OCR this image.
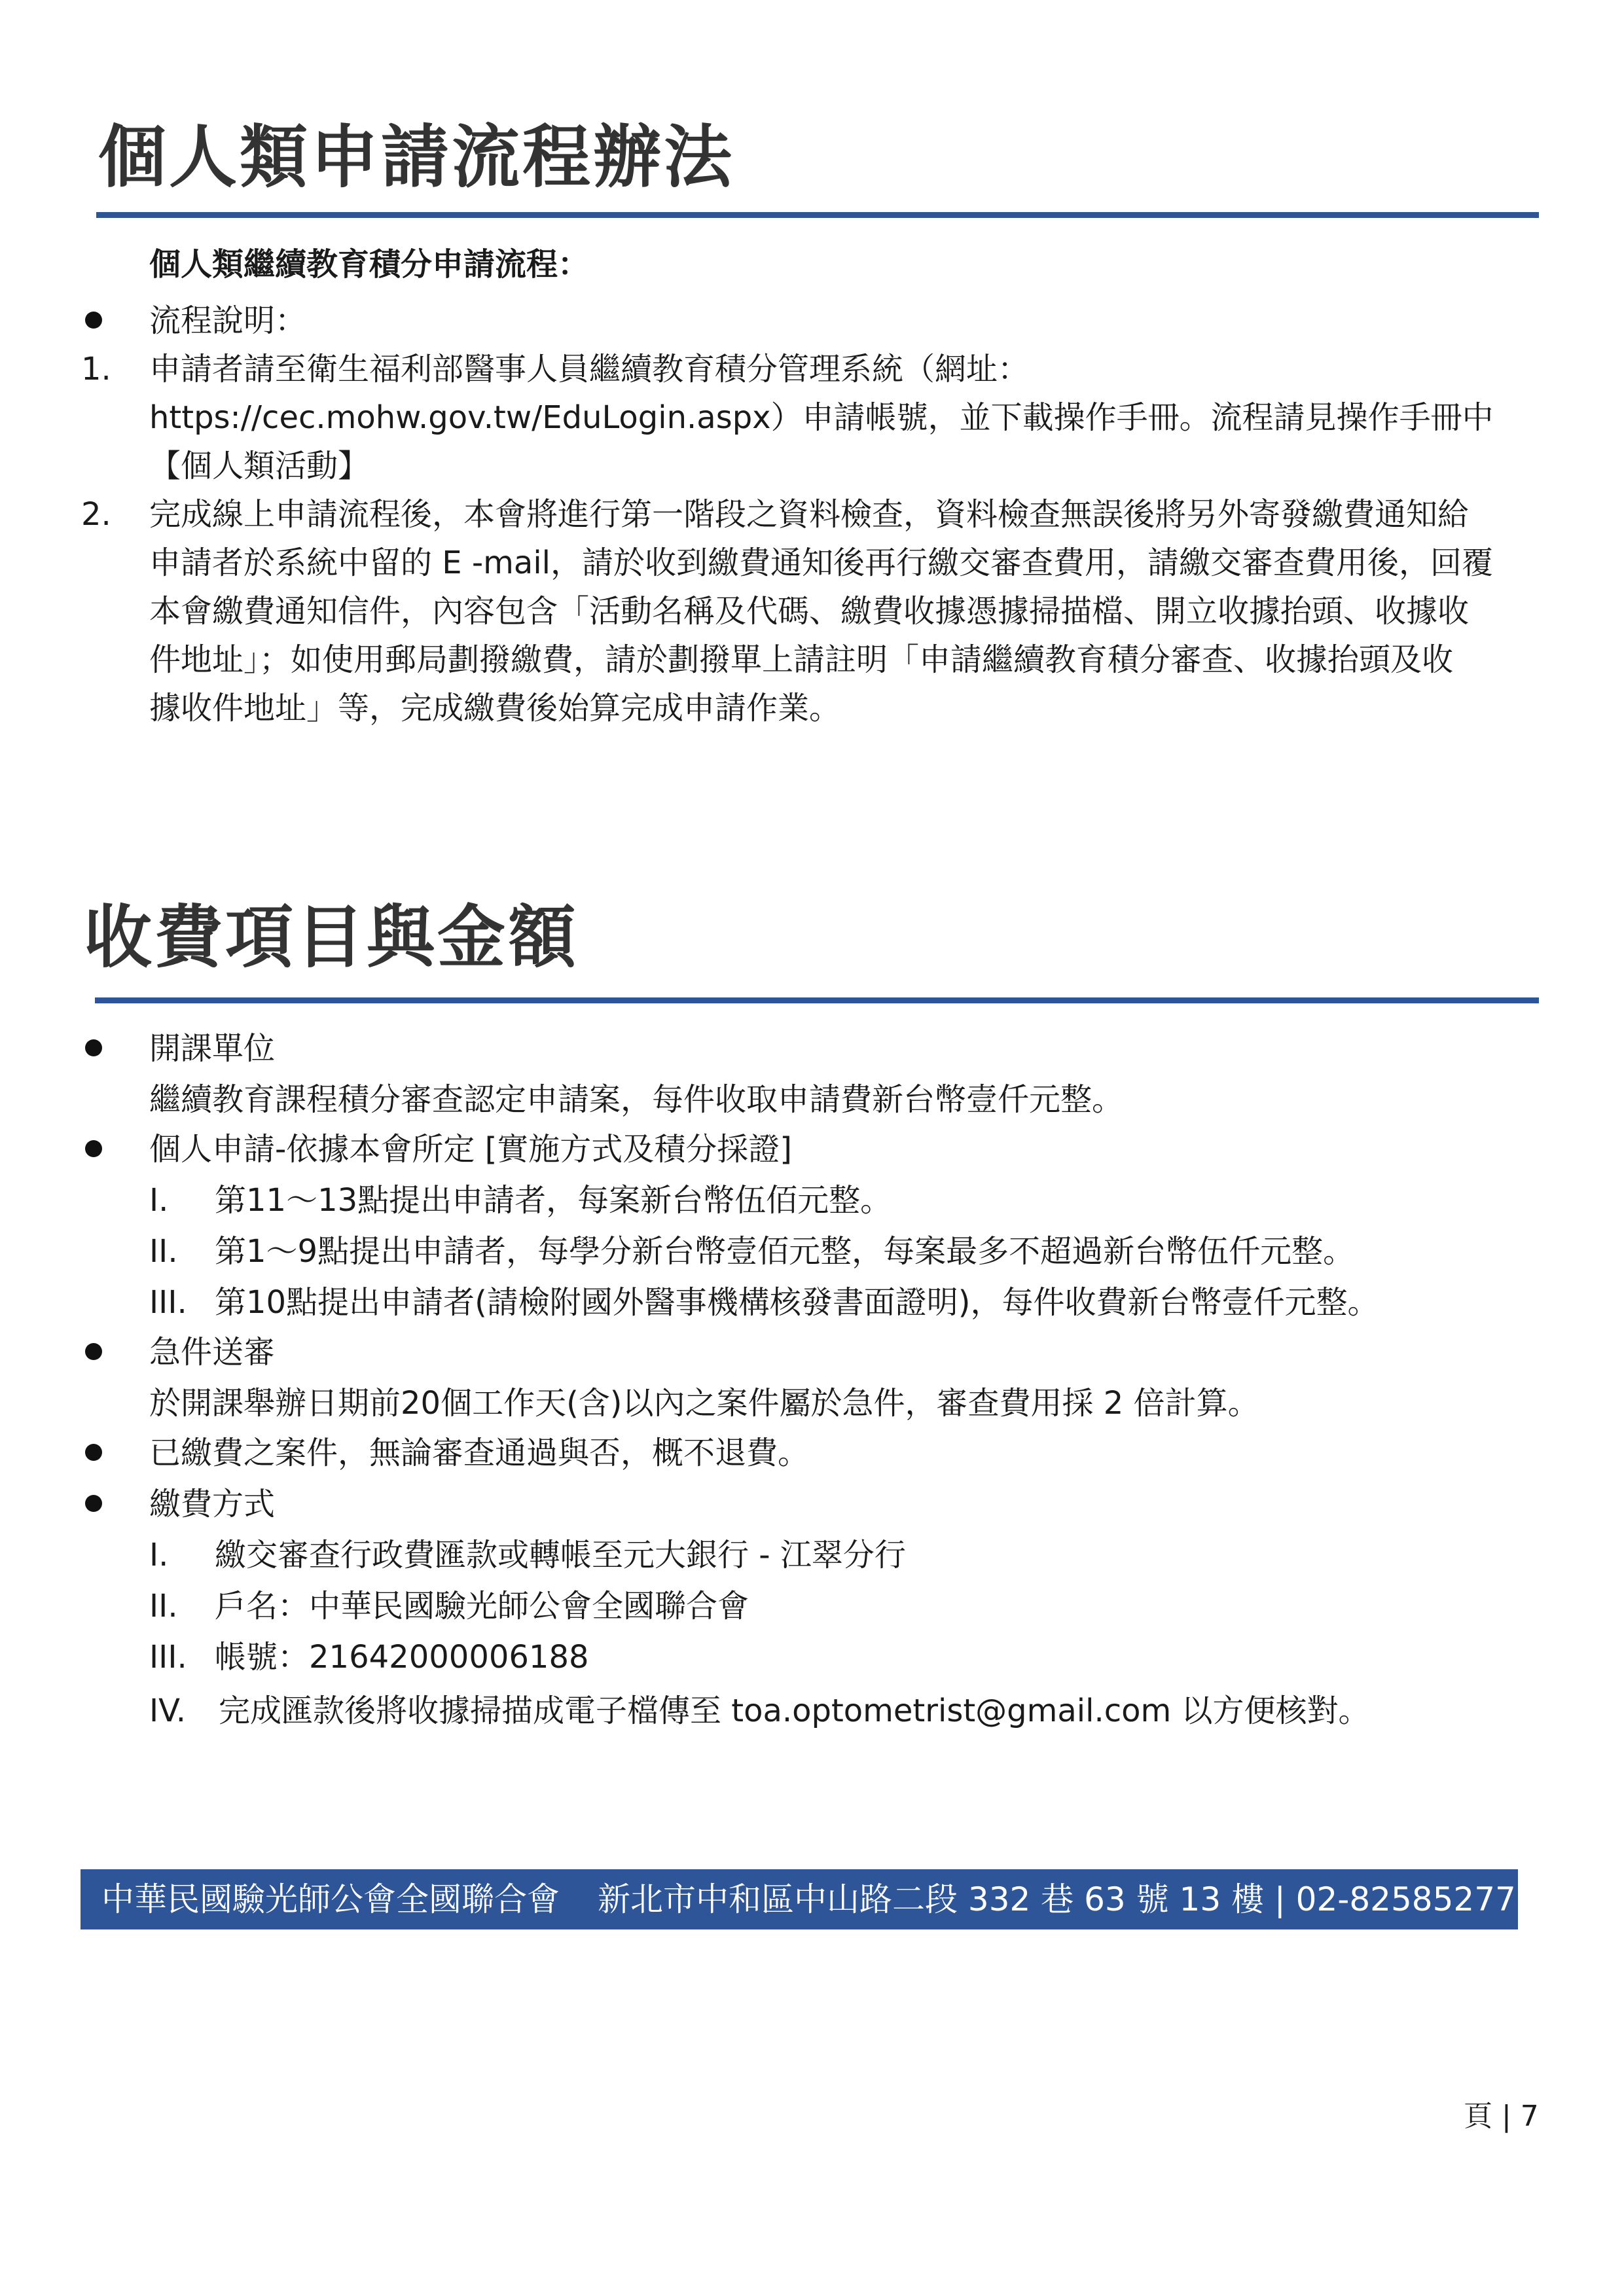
個人類申請流程辦法
個人類繼續教育積分申請流程：
流程說明：
1. 申請者請至衛生福利部醫事人員繼續教育積分管理系統（網址：
https://cec.mohw.gov.tw/EduLogin.aspx）申請帳號，並下載操作手冊。流程請見操作手冊中
【個人類活動】
2. 完成線上申請流程後，本會將進行第一階段之資料檢查，資料檢查無誤後將另外寄發繳費通知給
申請者於系統中留的 E -mail，請於收到繳費通知後再行繳交審查費用，請繳交審查費用後，回覆
本會繳費通知信件，內容包含「活動名稱及代碼、繳費收據憑據掃描檔、開立收據抬頭、收據收
件地址」；如使用郵局劃撥繳費，請於劃撥單上請註明「申請繼續教育積分審查、收據抬頭及收
據收件地址」等，完成繳費後始算完成申請作業。
收費項目與金額
開課單位
繼續教育課程積分審查認定申請案，每件收取申請費新台幣壹仟元整。
個人申請-依據本會所定 [實施方式及積分採證]
I. 第11～13點提出申請者，每案新台幣伍佰元整。
II. 第1～9點提出申請者，每學分新台幣壹佰元整，每案最多不超過新台幣伍仟元整。
III. 第10點提出申請者(請檢附國外醫事機構核發書面證明)，每件收費新台幣壹仟元整。
急件送審
於開課舉辦日期前20個工作天(含)以內之案件屬於急件，審查費用採 2 倍計算。
已繳費之案件，無論審查通過與否，概不退費。
繳費方式
I. 繳交審查行政費匯款或轉帳至元大銀行 - 江翠分行
II. 戶名：中華民國驗光師公會全國聯合會
III. 帳號：21642000006188
IV. 完成匯款後將收據掃描成電子檔傳至 toa.optometrist@gmail.com 以方便核對。
中華民國驗光師公會全國聯合會 新北市中和區中山路二段 332 巷 63 號 13 樓 | 02-82585277
頁 | 7
